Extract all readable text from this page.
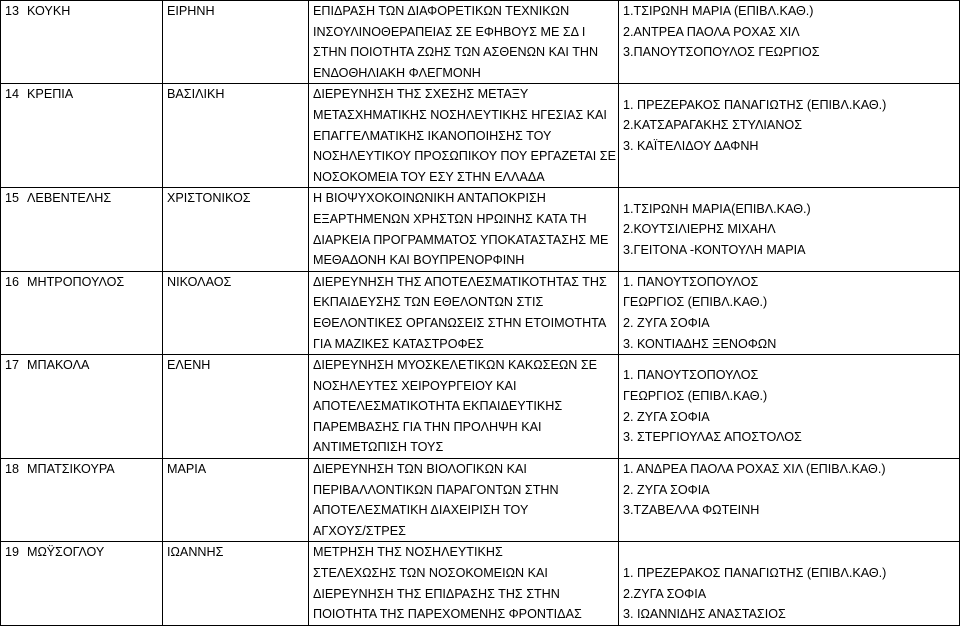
13 ΚΟΥΚΗ	ΕΙΡΗΝΗ	ΕΠΙΔΡΑΣΗ ΤΩΝ ΔΙΑΦΟΡΕΤΙΚΩΝ ΤΕΧΝΙΚΩΝ
ΙΝΣΟΥΛΙΝΟΘΕΡΑΠΕΙΑΣ ΣΕ ΕΦΗΒΟΥΣ ΜΕ ΣΔ Ι
ΣΤΗΝ ΠΟΙΟΤΗΤΑ ΖΩΗΣ ΤΩΝ ΑΣΘΕΝΩΝ ΚΑΙ ΤΗΝ
ΕΝΔΟΘΗΛΙΑΚΗ ΦΛΕΓΜΟΝΗ	1.ΤΣΙΡΩΝΗ ΜΑΡΙΑ (ΕΠΙΒΛ.ΚΑΘ.)
2.ΑΝΤΡΕΑ ΠΑΟΛΑ ΡΟΧΑΣ ΧΙΛ
3.ΠΑΝΟΥΤΣΟΠΟΥΛΟΣ ΓΕΩΡΓΙΟΣ

14 ΚΡΕΠΙΑ	ΒΑΣΙΛΙΚΗ	ΔΙΕΡΕΥΝΗΣΗ ΤΗΣ ΣΧΕΣΗΣ ΜΕΤΑΞΥ
ΜΕΤΑΣΧΗΜΑΤΙΚΗΣ ΝΟΣΗΛΕΥΤΙΚΗΣ ΗΓΕΣΙΑΣ ΚΑΙ
ΕΠΑΓΓΕΛΜΑΤΙΚΗΣ ΙΚΑΝΟΠΟΙΗΣΗΣ ΤΟΥ
ΝΟΣΗΛΕΥΤΙΚΟΥ ΠΡΟΣΩΠΙΚΟΥ ΠΟΥ ΕΡΓΑΖΕΤΑΙ ΣΕ
ΝΟΣΟΚΟΜΕΙΑ ΤΟΥ ΕΣΥ ΣΤΗΝ ΕΛΛΑΔΑ	1. ΠΡΕΖΕΡΑΚΟΣ ΠΑΝΑΓΙΩΤΗΣ (ΕΠΙΒΛ.ΚΑΘ.)
2.ΚΑΤΣΑΡΑΓΑΚΗΣ ΣΤΥΛΙΑΝΟΣ
3. ΚΑΪΤΕΛΙΔΟΥ ΔΑΦΝΗ

15 ΛΕΒΕΝΤΕΛΗΣ	ΧΡΙΣΤΟΝΙΚΟΣ	Η ΒΙΟΨΥΧΟΚΟΙΝΩΝΙΚΗ ΑΝΤΑΠΟΚΡΙΣΗ
ΕΞΑΡΤΗΜΕΝΩΝ ΧΡΗΣΤΩΝ ΗΡΩΙΝΗΣ ΚΑΤΑ ΤΗ
ΔΙΑΡΚΕΙΑ ΠΡΟΓΡΑΜΜΑΤΟΣ ΥΠΟΚΑΤΑΣΤΑΣΗΣ ΜΕ
ΜΕΘΑΔΟΝΗ ΚΑΙ ΒΟΥΠΡΕΝΟΡΦΙΝΗ	1.ΤΣΙΡΩΝΗ ΜΑΡΙΑ(ΕΠΙΒΛ.ΚΑΘ.)
2.ΚΟΥΤΣΙΛΙΕΡΗΣ ΜΙΧΑΗΛ
3.ΓΕΙΤΟΝΑ -ΚΟΝΤΟΥΛΗ ΜΑΡΙΑ

16 ΜΗΤΡΟΠΟΥΛΟΣ	ΝΙΚΟΛΑΟΣ	ΔΙΕΡΕΥΝΗΣΗ ΤΗΣ ΑΠΟΤΕΛΕΣΜΑΤΙΚΟΤΗΤΑΣ ΤΗΣ
ΕΚΠΑΙΔΕΥΣΗΣ ΤΩΝ ΕΘΕΛΟΝΤΩΝ ΣΤΙΣ
ΕΘΕΛΟΝΤΙΚΕΣ ΟΡΓΑΝΩΣΕΙΣ ΣΤΗΝ ΕΤΟΙΜΟΤΗΤΑ
ΓΙΑ ΜΑΖΙΚΕΣ ΚΑΤΑΣΤΡΟΦΕΣ	1. ΠΑΝΟΥΤΣΟΠΟΥΛΟΣ
ΓΕΩΡΓΙΟΣ (ΕΠΙΒΛ.ΚΑΘ.)
2. ΖΥΓΑ ΣΟΦΙΑ
3. ΚΟΝΤΙΑΔΗΣ ΞΕΝΟΦΩΝ

17 ΜΠΑΚΟΛΑ	ΕΛΕΝΗ	ΔΙΕΡΕΥΝΗΣΗ ΜΥΟΣΚΕΛΕΤΙΚΩΝ ΚΑΚΩΣΕΩΝ ΣΕ
ΝΟΣΗΛΕΥΤΕΣ ΧΕΙΡΟΥΡΓΕΙΟΥ ΚΑΙ
ΑΠΟΤΕΛΕΣΜΑΤΙΚΟΤΗΤΑ ΕΚΠΑΙΔΕΥΤΙΚΗΣ
ΠΑΡΕΜΒΑΣΗΣ ΓΙΑ ΤΗΝ ΠΡΟΛΗΨΗ ΚΑΙ
ΑΝΤΙΜΕΤΩΠΙΣΗ ΤΟΥΣ	1. ΠΑΝΟΥΤΣΟΠΟΥΛΟΣ
ΓΕΩΡΓΙΟΣ (ΕΠΙΒΛ.ΚΑΘ.)
2. ΖΥΓΑ ΣΟΦΙΑ
3. ΣΤΕΡΓΙΟΥΛΑΣ ΑΠΟΣΤΟΛΟΣ

18 ΜΠΑΤΣΙΚΟΥΡΑ	ΜΑΡΙΑ	ΔΙΕΡΕΥΝΗΣΗ ΤΩΝ ΒΙΟΛΟΓΙΚΩΝ ΚΑΙ
ΠΕΡΙΒΑΛΛΟΝΤΙΚΩΝ ΠΑΡΑΓΟΝΤΩΝ ΣΤΗΝ
ΑΠΟΤΕΛΕΣΜΑΤΙΚΗ ΔΙΑΧΕΙΡΙΣΗ ΤΟΥ
ΑΓΧΟΥΣ/ΣΤΡΕΣ	1. ΑΝΔΡΕΑ ΠΑΟΛΑ ΡΟΧΑΣ ΧΙΛ (ΕΠΙΒΛ.ΚΑΘ.)
2. ΖΥΓΑ ΣΟΦΙΑ
3.ΤΖΑΒΕΛΛΑ ΦΩΤΕΙΝΗ

19 ΜΩΫΣΟΓΛΟΥ	ΙΩΑΝΝΗΣ	ΜΕΤΡΗΣΗ ΤΗΣ ΝΟΣΗΛΕΥΤΙΚΗΣ
ΣΤΕΛΕΧΩΣΗΣ ΤΩΝ ΝΟΣΟΚΟΜΕΙΩΝ ΚΑΙ
ΔΙΕΡΕΥΝΗΣΗ ΤΗΣ ΕΠΙΔΡΑΣΗΣ ΤΗΣ ΣΤΗΝ
ΠΟΙΟΤΗΤΑ ΤΗΣ ΠΑΡΕΧΟΜΕΝΗΣ ΦΡΟΝΤΙΔΑΣ	1. ΠΡΕΖΕΡΑΚΟΣ ΠΑΝΑΓΙΩΤΗΣ (ΕΠΙΒΛ.ΚΑΘ.)
2.ΖΥΓΑ ΣΟΦΙΑ
3. ΙΩΑΝΝΙΔΗΣ ΑΝΑΣΤΑΣΙΟΣ
